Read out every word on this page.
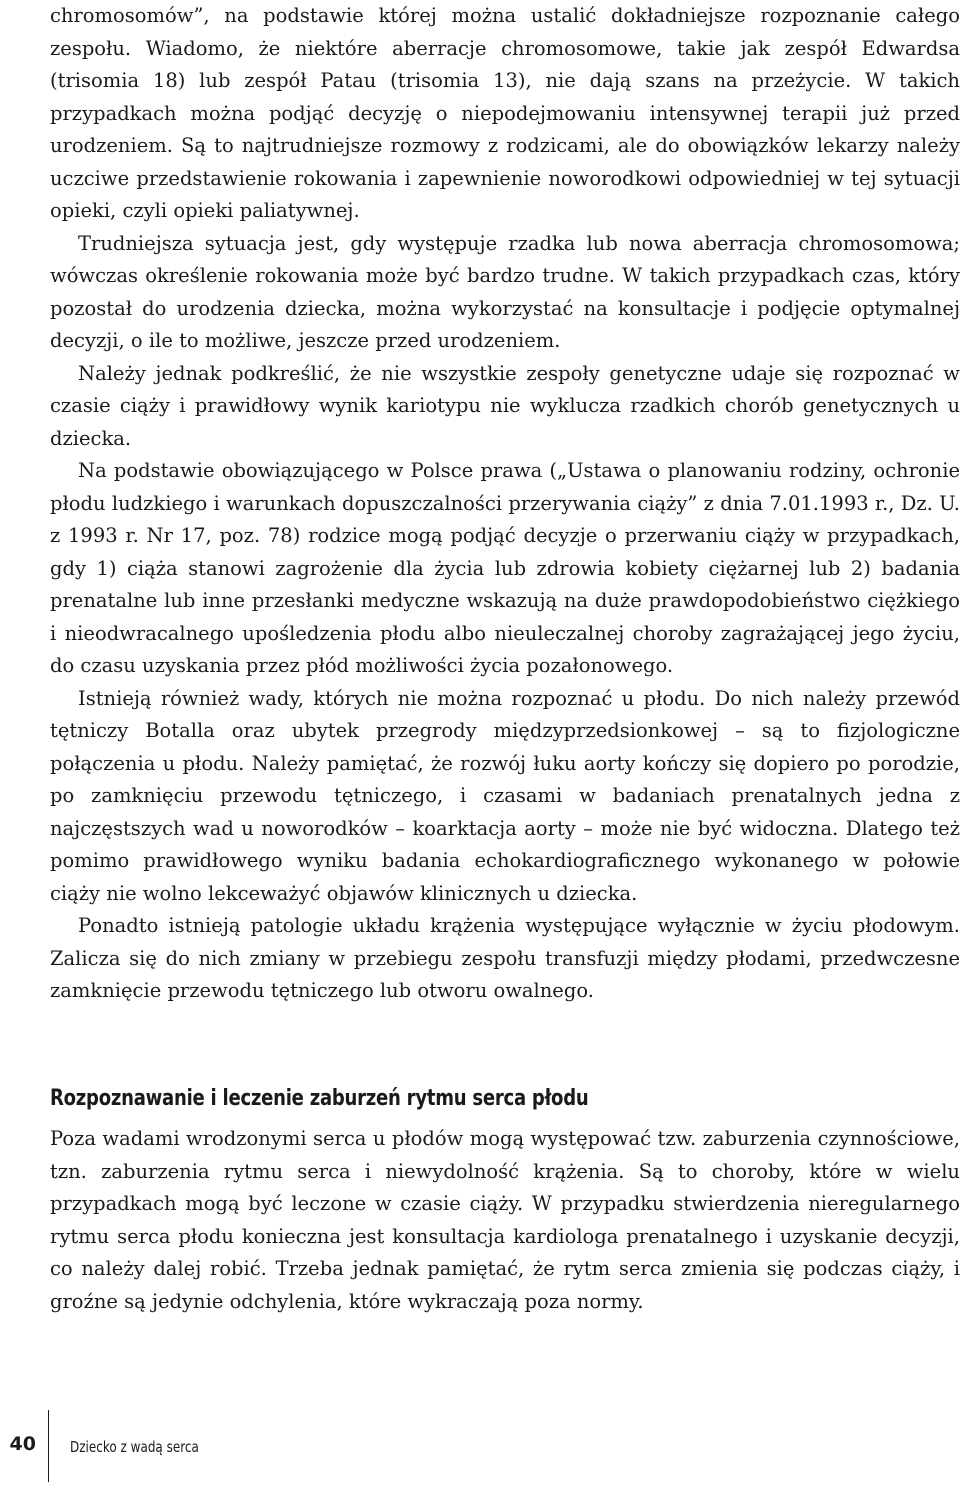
chromosomów”, na podstawie której można ustalić dokładniejsze rozpoznanie całego zespołu. Wiadomo, że niektóre aberracje chromosomowe, takie jak zespół Edwardsa (trisomia 18) lub zespół Patau (trisomia 13), nie dają szans na przeżycie. W takich przypadkach można podjąć decyzję o niepodejmowaniu intensywnej terapii już przed urodzeniem. Są to najtrudniejsze rozmowy z rodzicami, ale do obowiązków lekarzy należy uczciwe przedstawienie rokowania i zapewnienie noworodkowi odpowiedniej w tej sytuacji opieki, czyli opieki paliatywnej.

Trudniejsza sytuacja jest, gdy występuje rzadka lub nowa aberracja chromosomowa; wówczas określenie rokowania może być bardzo trudne. W takich przypadkach czas, który pozostał do urodzenia dziecka, można wykorzystać na konsultacje i podjęcie optymalnej decyzji, o ile to możliwe, jeszcze przed urodzeniem.

Należy jednak podkreślić, że nie wszystkie zespoły genetyczne udaje się rozpoznać w czasie ciąży i prawidłowy wynik kariotypu nie wyklucza rzadkich chorób genetycznych u dziecka.

Na podstawie obowiązującego w Polsce prawa („Ustawa o planowaniu rodziny, ochronie płodu ludzkiego i warunkach dopuszczalności przerywania ciąży” z dnia 7.01.1993 r., Dz. U. z 1993 r. Nr 17, poz. 78) rodzice mogą podjąć decyzje o przerwaniu ciąży w przypadkach, gdy 1) ciąża stanowi zagrożenie dla życia lub zdrowia kobiety ciężarnej lub 2) badania prenatalne lub inne przesłanki medyczne wskazują na duże prawdopodobieństwo ciężkiego i nieodwracalnego upośledzenia płodu albo nieuleczalnej choroby zagrażającej jego życiu, do czasu uzyskania przez płód możliwości życia pozałonowego.

Istnieją również wady, których nie można rozpoznać u płodu. Do nich należy przewód tętniczy Botalla oraz ubytek przegrody międzyprzedsionkowej – są to fizjologiczne połączenia u płodu. Należy pamiętać, że rozwój łuku aorty kończy się dopiero po porodzie, po zamknięciu przewodu tętniczego, i czasami w badaniach prenatalnych jedna z najczęstszych wad u noworodków – koarktacja aorty – może nie być widoczna. Dlatego też pomimo prawidłowego wyniku badania echokardiograficznego wykonanego w połowie ciąży nie wolno lekceważyć objawów klinicznych u dziecka.

Ponadto istnieją patologie układu krążenia występujące wyłącznie w życiu płodowym. Zalicza się do nich zmiany w przebiegu zespołu transfuzji między płodami, przedwczesne zamknięcie przewodu tętniczego lub otworu owalnego.

Rozpoznawanie i leczenie zaburzeń rytmu serca płodu

Poza wadami wrodzonymi serca u płodów mogą występować tzw. zaburzenia czynnościowe, tzn. zaburzenia rytmu serca i niewydolność krążenia. Są to choroby, które w wielu przypadkach mogą być leczone w czasie ciąży. W przypadku stwierdzenia nieregularnego rytmu serca płodu konieczna jest konsultacja kardiologa prenatalnego i uzyskanie decyzji, co należy dalej robić. Trzeba jednak pamiętać, że rytm serca zmienia się podczas ciąży, i groźne są jedynie odchylenia, które wykraczają poza normy.

40 Dziecko z wadą serca
